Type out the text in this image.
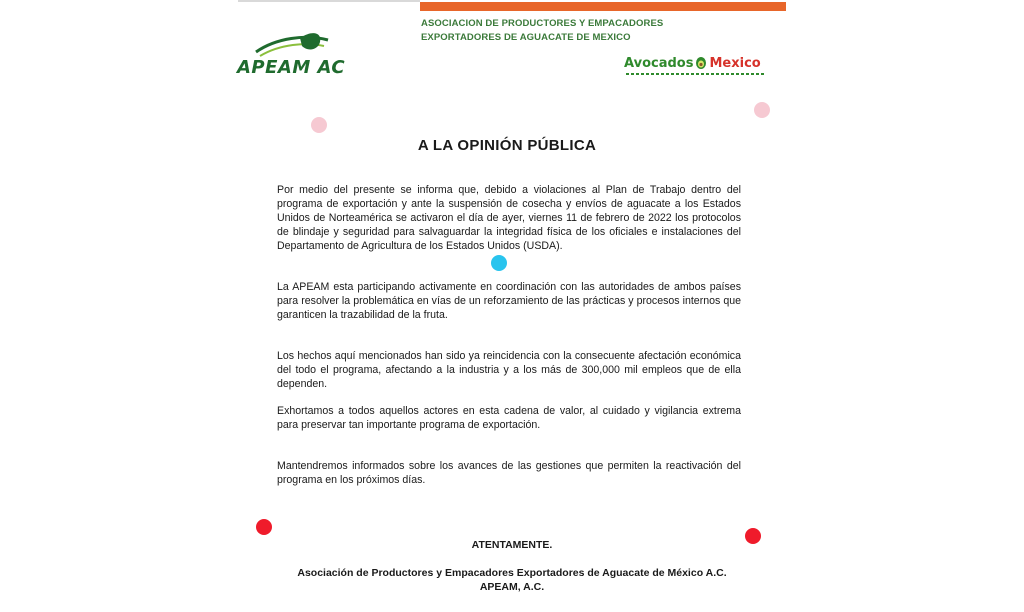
ASOCIACION DE PRODUCTORES Y EMPACADORES
EXPORTADORES DE AGUACATE DE MEXICO
APEAM AC	Avocados Mexico
A LA OPINIÓN PÚBLICA
Por medio del presente se informa que, debido a violaciones al Plan de Trabajo dentro del programa de exportación y ante la suspensión de cosecha y envíos de aguacate a los Estados Unidos de Norteamérica se activaron el día de ayer, viernes 11 de febrero de 2022 los protocolos de blindaje y seguridad para salvaguardar la integridad física de los oficiales e instalaciones del Departamento de Agricultura de los Estados Unidos (USDA).
La APEAM esta participando activamente en coordinación con las autoridades de ambos países para resolver la problemática en vías de un reforzamiento de las prácticas y procesos internos que garanticen la trazabilidad de la fruta.
Los hechos aquí mencionados han sido ya reincidencia con la consecuente afectación económica del todo el programa, afectando a la industria y a los más de 300,000 mil empleos que de ella dependen.
Exhortamos a todos aquellos actores en esta cadena de valor, al cuidado y vigilancia extrema para preservar tan importante programa de exportación.
Mantendremos informados sobre los avances de las gestiones que permiten la reactivación del programa en los próximos días.
ATENTAMENTE.
Asociación de Productores y Empacadores Exportadores de Aguacate de México A.C.
APEAM, A.C.
